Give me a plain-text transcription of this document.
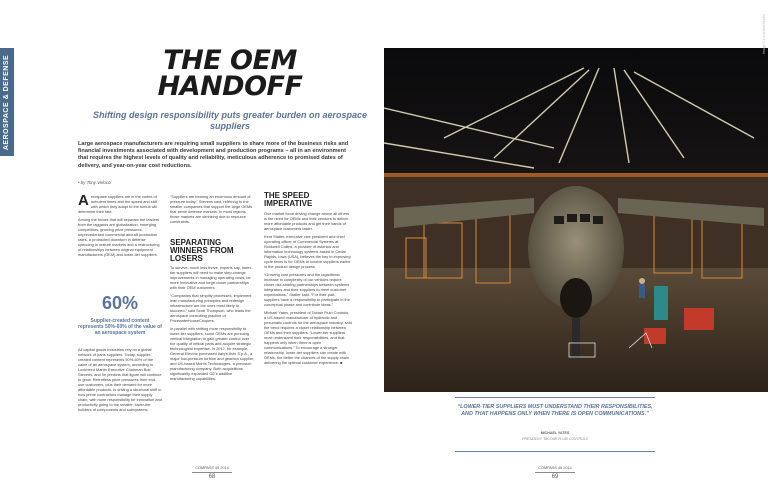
AEROSPACE & DEFENSE	THE OEM HANDOFF
Shifting design responsibility puts greater burden on aerospace suppliers
Large aerospace manufacturers are requiring small suppliers to share more of the business risks and financial investments associated with development and production programs – all in an environment that requires the highest levels of quality and reliability, meticulous adherence to promised dates of delivery, and year-on-year cost reductions.
• by Tony Velocci

A erospace suppliers are in the vortex of turbulent times and the speed and skill with which they adapt to the tumult will determine their fate.

Among the forces that will separate the leaders from the laggards are globalization, emerging competitors, growing price pressures, unprecedented commercial aircraft production rates, a protracted downturn in defense spending in mature markets and a restructuring of relationships between original equipment manufacturers (OEM) and lower-tier suppliers.

60%
Supplier-created content represents 50%-60% of the value of an aerospace system

All capital goods industries rely on a global network of parts suppliers. Today, supplier-created content represents 50%-60% of the value of an aerospace system, according to Lockheed Martin Executive Chairman Bob Stevens, and he predicts that figure will continue to grow. Relentless price pressures from end-use customers, plus their demand for more affordable products, is driving a structural shift in how prime contractors manage their supply chain, with more responsibility for innovation and productivity going to the smaller, lower-tier builders of components and subsystems.

“Suppliers are bearing an enormous amount of pressure today,” Stevens said, referring to the smaller companies that support the large OEMs that serve defense markets. In most regions, those markets are shrinking due to resource constraints.

SEPARATING WINNERS FROM LOSERS

To survive, much less thrive, experts say, lower-tier suppliers will need to make step-change improvements in managing operating costs, be more innovative and forge closer partnerships with their OEM customers.

“Companies that simplify processes, implement lean manufacturing principles and redesign infrastructure are the ones most likely to succeed,” said Scott Thompson, who leads the aerospace consulting practice of PricewaterhouseCoopers.

In parallel with shifting more responsibility to lower-tier suppliers, some OEMs are pursuing vertical integration to gain greater control over the quality of critical parts and acquire strategic technological expertise. In 2012, for example, General Electric purchased Italy’s Avio S.p.A., a major low-pressure turbine and gearbox supplier, and US-based Morris Technologies, a precision manufacturing company. Both acquisitions significantly expanded GE’s additive manufacturing capabilities.

THE SPEED IMPERATIVE

One market force driving change above all others is the need for OEMs and their vendors to deliver more affordable products and get their hands of aerospace customers faster.

Kent Statler, executive vice president and chief operating officer of Commercial Systems at Rockwell Collins, a provider of avionics and information technology systems based in Cedar Rapids, Iowa (USA), believes the key to improving cycle times is for OEMs to involve suppliers earlier in the product design process.

“Growing cost pressures and the logarithmic increase in complexity of our vehicles require closer risk-sharing partnerships between systems integrators and their suppliers to meet customer expectations,” Statler said. “For their part, suppliers have a responsibility to participate in the conceptual phase and contribute ideas.”

Michael Yates, president of Tactair Fluid Controls, a US-based manufacturer of hydraulic and pneumatic controls for the aerospace industry, said the trend requires a closer relationship between OEMs and their suppliers. “Lower-tier suppliers must understand their responsibilities, and that happens only when there is open communications.” To encourage a stronger relationship, lower-tier suppliers can create with OEMs, the better the chances of the supply chain delivering the optimal customer experience. ■

Image © Lockheed Martin
“LOWER-TIER SUPPLIERS MUST UNDERSTAND THEIR RESPONSIBILITIES, AND THAT HAPPENS ONLY WHEN THERE IS OPEN COMMUNICATIONS.”
MICHAEL YATES
PRESIDENT, TACTAIR FLUID CONTROLS
COMPASS 45 2014
68
COMPASS 45 2014
69
